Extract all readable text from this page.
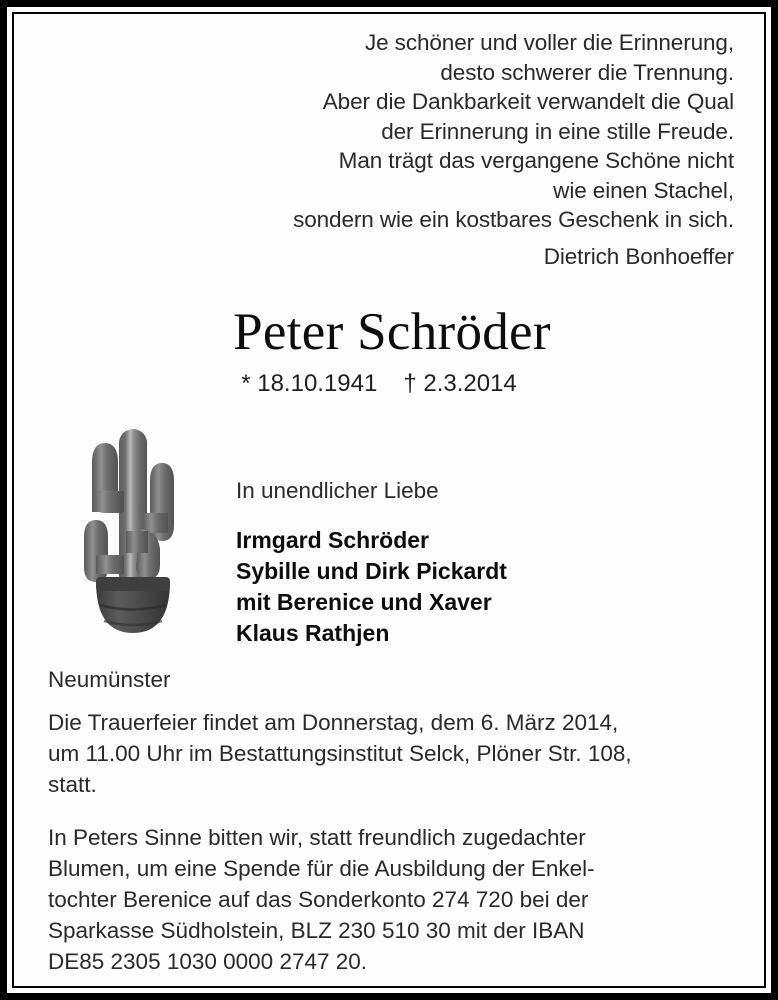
Je schöner und voller die Erinnerung,
desto schwerer die Trennung.
Aber die Dankbarkeit verwandelt die Qual
der Erinnerung in eine stille Freude.
Man trägt das vergangene Schöne nicht
wie einen Stachel,
sondern wie ein kostbares Geschenk in sich.
Dietrich Bonhoeffer
Peter Schröder
* 18.10.1941 † 2.3.2014
In unendlicher Liebe
Irmgard Schröder
Sybille und Dirk Pickardt
mit Berenice und Xaver
Klaus Rathjen
Neumünster
Die Trauerfeier findet am Donnerstag, dem 6. März 2014,
um 11.00 Uhr im Bestattungsinstitut Selck, Plöner Str. 108,
statt.
In Peters Sinne bitten wir, statt freundlich zugedachter
Blumen, um eine Spende für die Ausbildung der Enkel-
tochter Berenice auf das Sonderkonto 274 720 bei der
Sparkasse Südholstein, BLZ 230 510 30 mit der IBAN
DE85 2305 1030 0000 2747 20.
